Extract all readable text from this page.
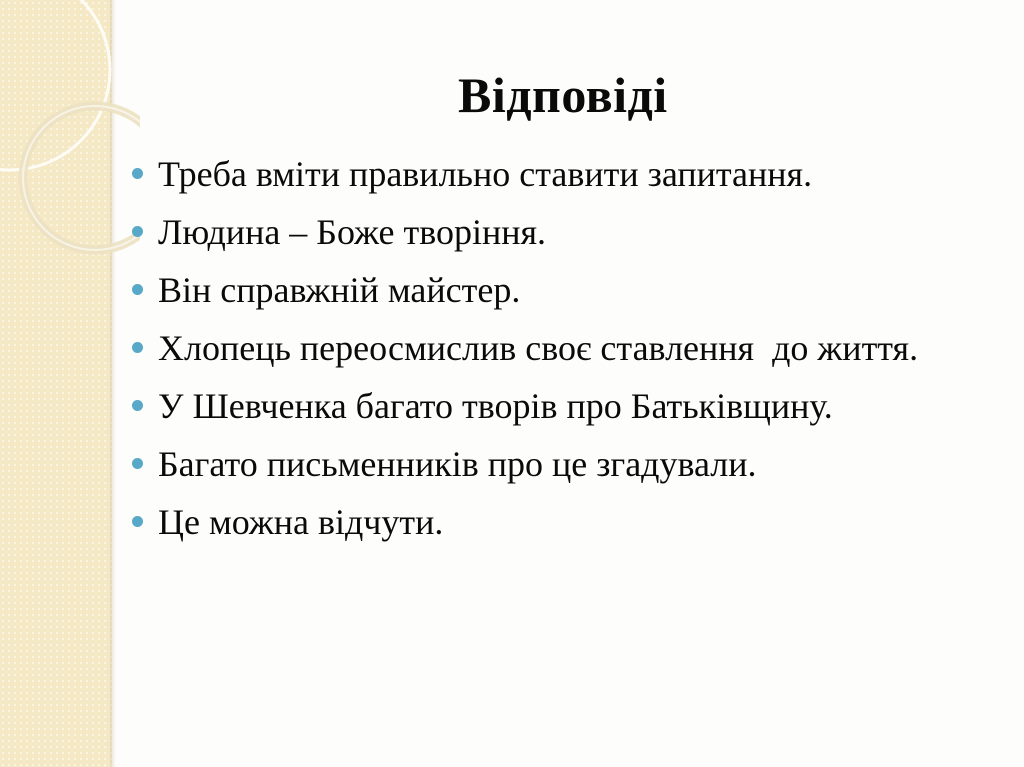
Відповіді
Треба вміти правильно ставити запитання.
Людина – Боже творіння.
Він справжній майстер.
Хлопець переосмислив своє ставлення  до життя.
У Шевченка багато творів про Батьківщину.
Багато письменників про це згадували.
Це можна відчути.
